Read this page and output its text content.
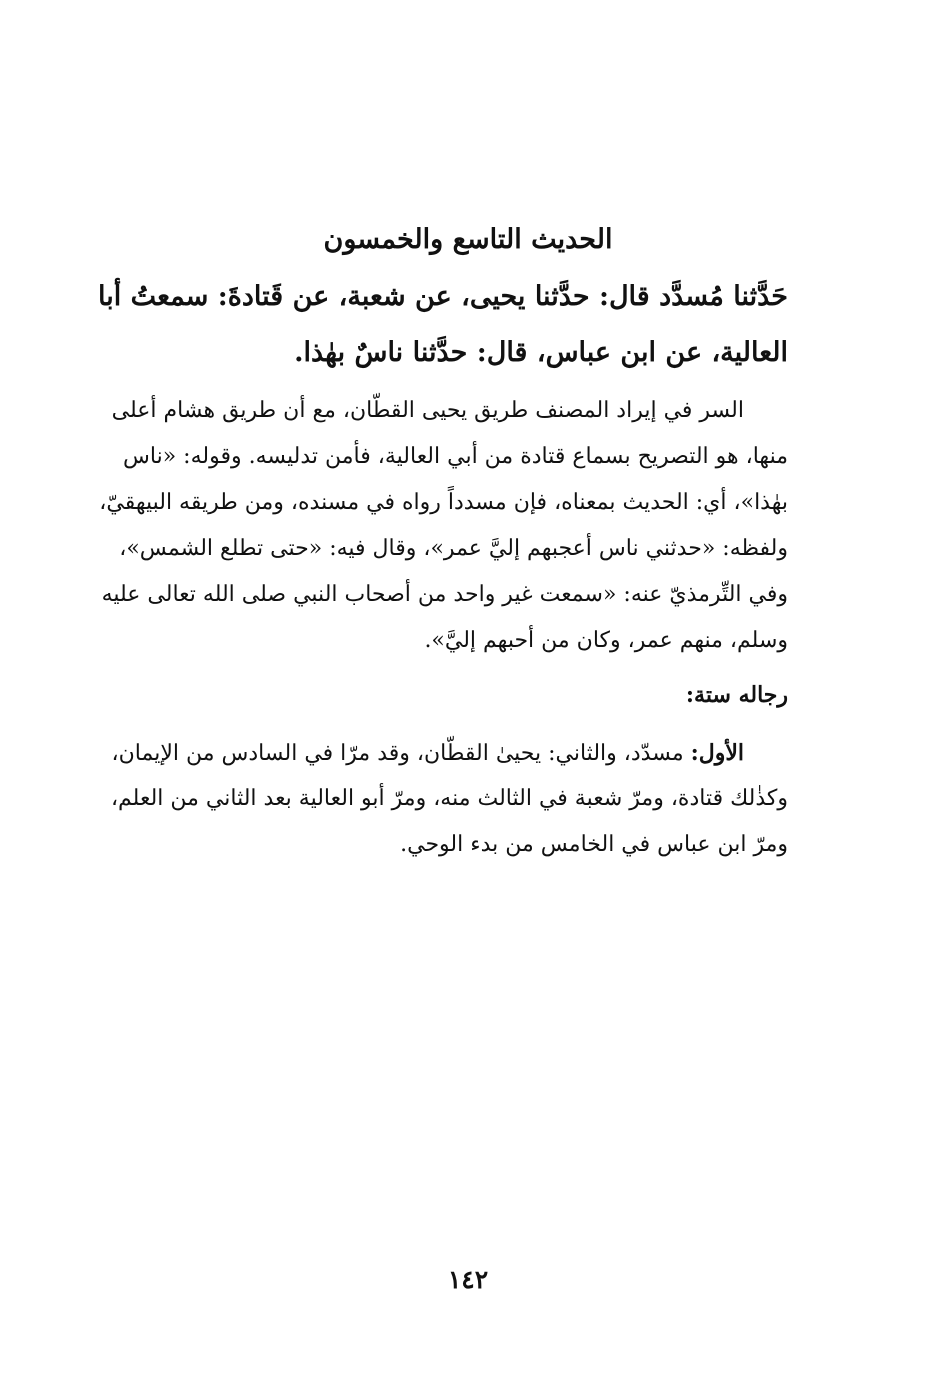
الحديث التاسع والخمسون
حَدَّثنا مُسدَّد قال: حدَّثنا يحيى، عن شعبة، عن قَتادةَ: سمعتُ أبا
العالية، عن ابن عباس، قال: حدَّثنا ناسٌ بهٰذا.
السر في إيراد المصنف طريق يحيى القطّان، مع أن طريق هشام أعلى
منها، هو التصريح بسماع قتادة من أبي العالية، فأمن تدليسه. وقوله: «ناس
بهٰذا»، أي: الحديث بمعناه، فإن مسدداً رواه في مسنده، ومن طريقه البيهقيّ،
ولفظه: «حدثني ناس أعجبهم إليَّ عمر»، وقال فيه: «حتى تطلع الشمس»،
وفي التِّرمذيّ عنه: «سمعت غير واحد من أصحاب النبي صلى الله تعالى عليه
وسلم، منهم عمر، وكان من أحبهم إليَّ».
رجاله ستة:
الأول: مسدّد، والثاني: يحيىٰ القطّان، وقد مرّا في السادس من الإيمان،
وكذٰلك قتادة، ومرّ شعبة في الثالث منه، ومرّ أبو العالية بعد الثاني من العلم،
ومرّ ابن عباس في الخامس من بدء الوحي.
١٤٢
